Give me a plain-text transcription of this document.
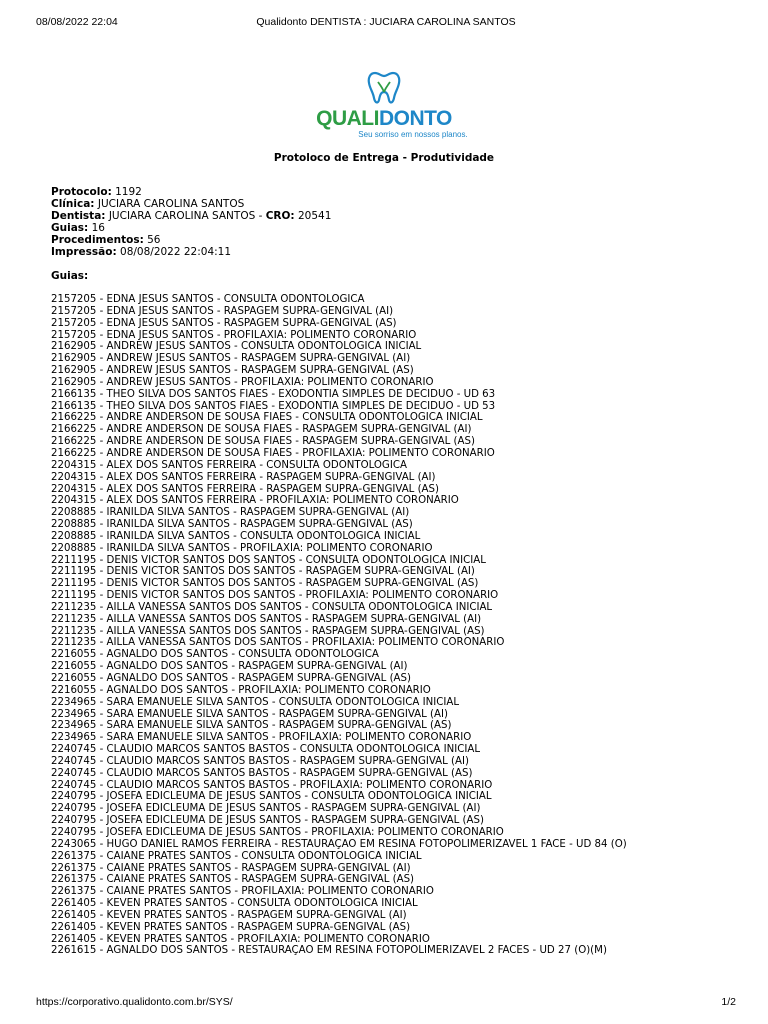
08/08/2022 22:04	Qualidonto DENTISTA : JUCIARA CAROLINA SANTOS
QUALIDONTO
Seu sorriso em nossos planos.
Protoloco de Entrega - Produtividade
Protocolo: 1192
Clínica: JUCIARA CAROLINA SANTOS
Dentista: JUCIARA CAROLINA SANTOS - CRO: 20541
Guias: 16
Procedimentos: 56
Impressão: 08/08/2022 22:04:11
Guias:
2157205 - EDNA JESUS SANTOS - CONSULTA ODONTOLÓGICA
2157205 - EDNA JESUS SANTOS - RASPAGEM SUPRA-GENGIVAL (AI)
2157205 - EDNA JESUS SANTOS - RASPAGEM SUPRA-GENGIVAL (AS)
2157205 - EDNA JESUS SANTOS - PROFILAXIA: POLIMENTO CORONÁRIO
2162905 - ANDREW JESUS SANTOS - CONSULTA ODONTOLÓGICA INICIAL
2162905 - ANDREW JESUS SANTOS - RASPAGEM SUPRA-GENGIVAL (AI)
2162905 - ANDREW JESUS SANTOS - RASPAGEM SUPRA-GENGIVAL (AS)
2162905 - ANDREW JESUS SANTOS - PROFILAXIA: POLIMENTO CORONÁRIO
2166135 - THEO SILVA DOS SANTOS FIAES - EXODONTIA SIMPLES DE DECÍDUO - UD 63
2166135 - THEO SILVA DOS SANTOS FIAES - EXODONTIA SIMPLES DE DECÍDUO - UD 53
2166225 - ANDRE ANDERSON DE SOUSA FIAES - CONSULTA ODONTOLÓGICA INICIAL
2166225 - ANDRE ANDERSON DE SOUSA FIAES - RASPAGEM SUPRA-GENGIVAL (AI)
2166225 - ANDRE ANDERSON DE SOUSA FIAES - RASPAGEM SUPRA-GENGIVAL (AS)
2166225 - ANDRE ANDERSON DE SOUSA FIAES - PROFILAXIA: POLIMENTO CORONÁRIO
2204315 - ALEX DOS SANTOS FERREIRA - CONSULTA ODONTOLÓGICA
2204315 - ALEX DOS SANTOS FERREIRA - RASPAGEM SUPRA-GENGIVAL (AI)
2204315 - ALEX DOS SANTOS FERREIRA - RASPAGEM SUPRA-GENGIVAL (AS)
2204315 - ALEX DOS SANTOS FERREIRA - PROFILAXIA: POLIMENTO CORONÁRIO
2208885 - IRANILDA SILVA SANTOS - RASPAGEM SUPRA-GENGIVAL (AI)
2208885 - IRANILDA SILVA SANTOS - RASPAGEM SUPRA-GENGIVAL (AS)
2208885 - IRANILDA SILVA SANTOS - CONSULTA ODONTOLÓGICA INICIAL
2208885 - IRANILDA SILVA SANTOS - PROFILAXIA: POLIMENTO CORONÁRIO
2211195 - DENIS VICTOR SANTOS DOS SANTOS - CONSULTA ODONTOLÓGICA INICIAL
2211195 - DENIS VICTOR SANTOS DOS SANTOS - RASPAGEM SUPRA-GENGIVAL (AI)
2211195 - DENIS VICTOR SANTOS DOS SANTOS - RASPAGEM SUPRA-GENGIVAL (AS)
2211195 - DENIS VICTOR SANTOS DOS SANTOS - PROFILAXIA: POLIMENTO CORONÁRIO
2211235 - AILLA VANESSA SANTOS DOS SANTOS - CONSULTA ODONTOLÓGICA INICIAL
2211235 - AILLA VANESSA SANTOS DOS SANTOS - RASPAGEM SUPRA-GENGIVAL (AI)
2211235 - AILLA VANESSA SANTOS DOS SANTOS - RASPAGEM SUPRA-GENGIVAL (AS)
2211235 - AILLA VANESSA SANTOS DOS SANTOS - PROFILAXIA: POLIMENTO CORONÁRIO
2216055 - AGNALDO DOS SANTOS - CONSULTA ODONTOLÓGICA
2216055 - AGNALDO DOS SANTOS - RASPAGEM SUPRA-GENGIVAL (AI)
2216055 - AGNALDO DOS SANTOS - RASPAGEM SUPRA-GENGIVAL (AS)
2216055 - AGNALDO DOS SANTOS - PROFILAXIA: POLIMENTO CORONÁRIO
2234965 - SARA EMANUELE SILVA SANTOS - CONSULTA ODONTOLÓGICA INICIAL
2234965 - SARA EMANUELE SILVA SANTOS - RASPAGEM SUPRA-GENGIVAL (AI)
2234965 - SARA EMANUELE SILVA SANTOS - RASPAGEM SUPRA-GENGIVAL (AS)
2234965 - SARA EMANUELE SILVA SANTOS - PROFILAXIA: POLIMENTO CORONÁRIO
2240745 - CLAUDIO MARCOS SANTOS BASTOS - CONSULTA ODONTOLÓGICA INICIAL
2240745 - CLAUDIO MARCOS SANTOS BASTOS - RASPAGEM SUPRA-GENGIVAL (AI)
2240745 - CLAUDIO MARCOS SANTOS BASTOS - RASPAGEM SUPRA-GENGIVAL (AS)
2240745 - CLAUDIO MARCOS SANTOS BASTOS - PROFILAXIA: POLIMENTO CORONÁRIO
2240795 - JOSEFA EDICLEUMA DE JESUS SANTOS - CONSULTA ODONTOLÓGICA INICIAL
2240795 - JOSEFA EDICLEUMA DE JESUS SANTOS - RASPAGEM SUPRA-GENGIVAL (AI)
2240795 - JOSEFA EDICLEUMA DE JESUS SANTOS - RASPAGEM SUPRA-GENGIVAL (AS)
2240795 - JOSEFA EDICLEUMA DE JESUS SANTOS - PROFILAXIA: POLIMENTO CORONÁRIO
2243065 - HUGO DANIEL RAMOS FERREIRA - RESTAURAÇÃO EM RESINA FOTOPOLIMERIZÁVEL 1 FACE - UD 84 (O)
2261375 - CAIANE PRATES SANTOS - CONSULTA ODONTOLÓGICA INICIAL
2261375 - CAIANE PRATES SANTOS - RASPAGEM SUPRA-GENGIVAL (AI)
2261375 - CAIANE PRATES SANTOS - RASPAGEM SUPRA-GENGIVAL (AS)
2261375 - CAIANE PRATES SANTOS - PROFILAXIA: POLIMENTO CORONÁRIO
2261405 - KEVEN PRATES SANTOS - CONSULTA ODONTOLÓGICA INICIAL
2261405 - KEVEN PRATES SANTOS - RASPAGEM SUPRA-GENGIVAL (AI)
2261405 - KEVEN PRATES SANTOS - RASPAGEM SUPRA-GENGIVAL (AS)
2261405 - KEVEN PRATES SANTOS - PROFILAXIA: POLIMENTO CORONÁRIO
2261615 - AGNALDO DOS SANTOS - RESTAURAÇÃO EM RESINA FOTOPOLIMERIZÁVEL 2 FACES - UD 27 (O)(M)
https://corporativo.qualidonto.com.br/SYS/	1/2
